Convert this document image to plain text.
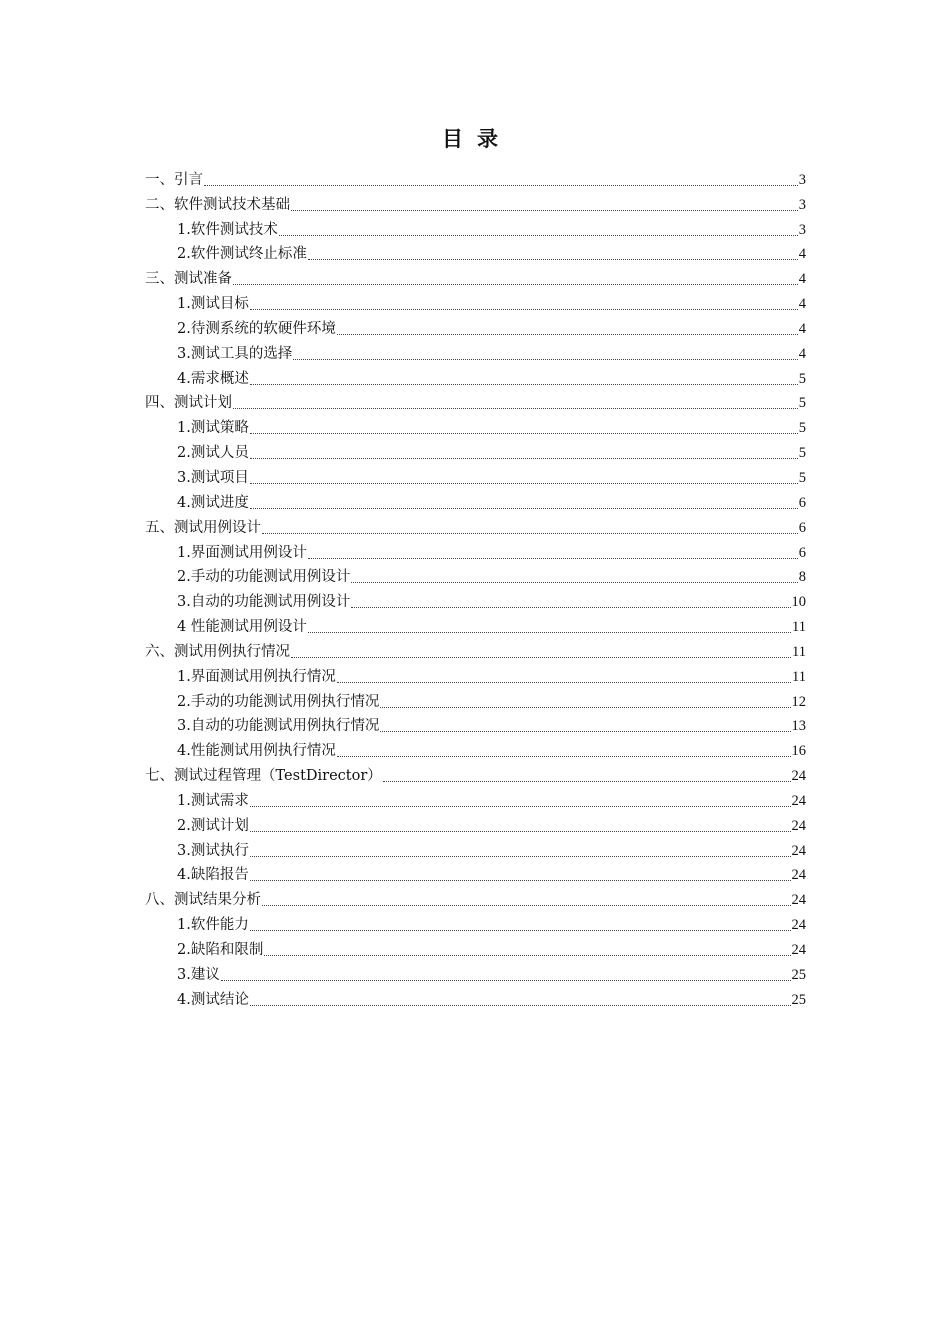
目 录
一、引言	3
二、软件测试技术基础	3
1.软件测试技术	3
2.软件测试终止标准	4
三、测试准备	4
1.测试目标	4
2.待测系统的软硬件环境	4
3.测试工具的选择	4
4.需求概述	5
四、测试计划	5
1.测试策略	5
2.测试人员	5
3.测试项目	5
4.测试进度	6
五、测试用例设计	6
1.界面测试用例设计	6
2.手动的功能测试用例设计	8
3.自动的功能测试用例设计	10
4 性能测试用例设计	11
六、测试用例执行情况	11
1.界面测试用例执行情况	11
2.手动的功能测试用例执行情况	12
3.自动的功能测试用例执行情况	13
4.性能测试用例执行情况	16
七、测试过程管理（TestDirector）	24
1.测试需求	24
2.测试计划	24
3.测试执行	24
4.缺陷报告	24
八、测试结果分析	24
1.软件能力	24
2.缺陷和限制	24
3.建议	25
4.测试结论	25
